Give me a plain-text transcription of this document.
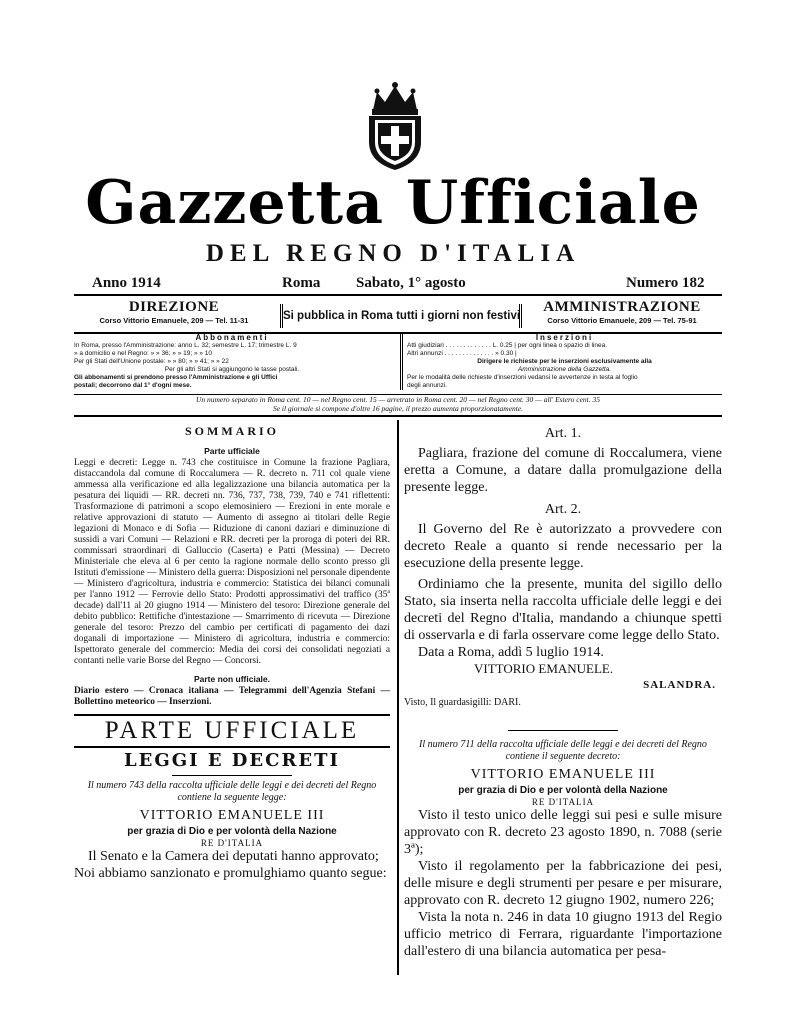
Gazzetta Ufficiale
DEL REGNO D'ITALIA
Anno 1914	Roma Sabato, 1° agosto	Numero 182
DIREZIONE
Corso Vittorio Emanuele, 209 — Tel. 11-31	Si pubblica in Roma tutti i giorni non festivi
AMMINISTRAZIONE
Corso Vittorio Emanuele, 209 — Tel. 75-91
Abbonamenti
In Roma, presso l'Amministrazione: anno L. 32; semestre L. 17; trimestre L. 9
» a domicilio e nel Regno: » » 36; » » 19; » » 10
Per gli Stati dell'Unione postale: » » 80; » » 41; » » 22
Per gli altri Stati si aggiungono le tasse postali.
Gli abbonamenti si prendono presso l'Amministrazione e gli Uffici
postali; decorrono dal 1° d'ogni mese.
Inserzioni
Atti giudiziari . . . . . . . . . . . . . L. 0.25 | per ogni linea o spazio di linea.
Altri annunzi . . . . . . . . . . . . . . » 0.30 |
Dirigere le richieste per le inserzioni esclusivamente alla
Amministrazione della Gazzetta.
Per le modalità delle richieste d'inserzioni vedansi le avvertenze in testa al foglio
degli annunzi.
Un numero separato in Roma cent. 10 — nel Regno cent. 15 — arretrato in Roma cent. 20 — nel Regno cent. 30 — all' Estero cent. 35
Se il giornale si compone d'oltre 16 pagine, il prezzo aumenta proporzionatamente.
SOMMARIO
Parte ufficiale

Leggi e decreti: Legge n. 743 che costituisce in Comune la frazione Pagliara, distaccandola dal comune di Roccalumera — R. decreto n. 711 col quale viene ammessa alla verificazione ed alla legalizzazione una bilancia automatica per la pesatura dei liquidi — RR. decreti nn. 736, 737, 738, 739, 740 e 741 riflettenti: Trasformazione di patrimoni a scopo elemosiniero — Erezioni in ente morale e relative approvazioni di statuto — Aumento di assegno ai titolari delle Regie legazioni di Monaco e di Sofia — Riduzione di canoni daziari e diminuzione di sussidi a vari Comuni — Relazioni e RR. decreti per la proroga di poteri dei RR. commissari straordinari di Galluccio (Caserta) e Patti (Messina) — Decreto Ministeriale che eleva al 6 per cento la ragione normale dello sconto presso gli Istituti d'emissione — Ministero della guerra: Disposizioni nel personale dipendente — Ministero d'agricoltura, industria e commercio: Statistica dei bilanci comunali per l'anno 1912 — Ferrovie dello Stato: Prodotti approssimativi del traffico (35ª decade) dall'11 al 20 giugno 1914 — Ministero del tesoro: Direzione generale del debito pubblico: Rettifiche d'intestazione — Smarrimento di ricevuta — Direzione generale del tesoro: Prezzo del cambio per certificati di pagamento dei dazi doganali di importazione — Ministero di agricoltura, industria e commercio: Ispettorato generale del commercio: Media dei corsi dei consolidati negoziati a contanti nelle varie Borse del Regno — Concorsi.

Parte non ufficiale.
Diario estero — Cronaca italiana — Telegrammi dell'Agenzia Stefani — Bollettino meteorico — Inserzioni.
PARTE UFFICIALE
LEGGI E DECRETI
Il numero 743 della raccolta ufficiale delle leggi e dei decreti del Regno contiene la seguente legge:
VITTORIO EMANUELE III
per grazia di Dio e per volontà della Nazione
RE D'ITALIA

Il Senato e la Camera dei deputati hanno approvato;

Noi abbiamo sanzionato e promulghiamo quanto segue:

Art. 1.
Pagliara, frazione del comune di Roccalumera, viene eretta a Comune, a datare dalla promulgazione della presente legge.
Art. 2.
Il Governo del Re è autorizzato a provvedere con decreto Reale a quanto si rende necessario per la esecuzione della presente legge.
Ordiniamo che la presente, munita del sigillo dello Stato, sia inserta nella raccolta ufficiale delle leggi e dei decreti del Regno d'Italia, mandando a chiunque spetti di osservarla e di farla osservare come legge dello Stato.
Data a Roma, addì 5 luglio 1914.
VITTORIO EMANUELE.
SALANDRA.
Visto, Il guardasigilli: DARI.
Il numero 711 della raccolta ufficiale delle leggi e dei decreti del Regno contiene il seguente decreto:
VITTORIO EMANUELE III
per grazia di Dio e per volontà della Nazione
RE D'ITALIA

Visto il testo unico delle leggi sui pesi e sulle misure approvato con R. decreto 23 agosto 1890, n. 7088 (serie 3ª);

Visto il regolamento per la fabbricazione dei pesi, delle misure e degli strumenti per pesare e per misurare, approvato con R. decreto 12 giugno 1902, numero 226;

Vista la nota n. 246 in data 10 giugno 1913 del Regio ufficio metrico di Ferrara, riguardante l'importazione dall'estero di una bilancia automatica per pesa-
